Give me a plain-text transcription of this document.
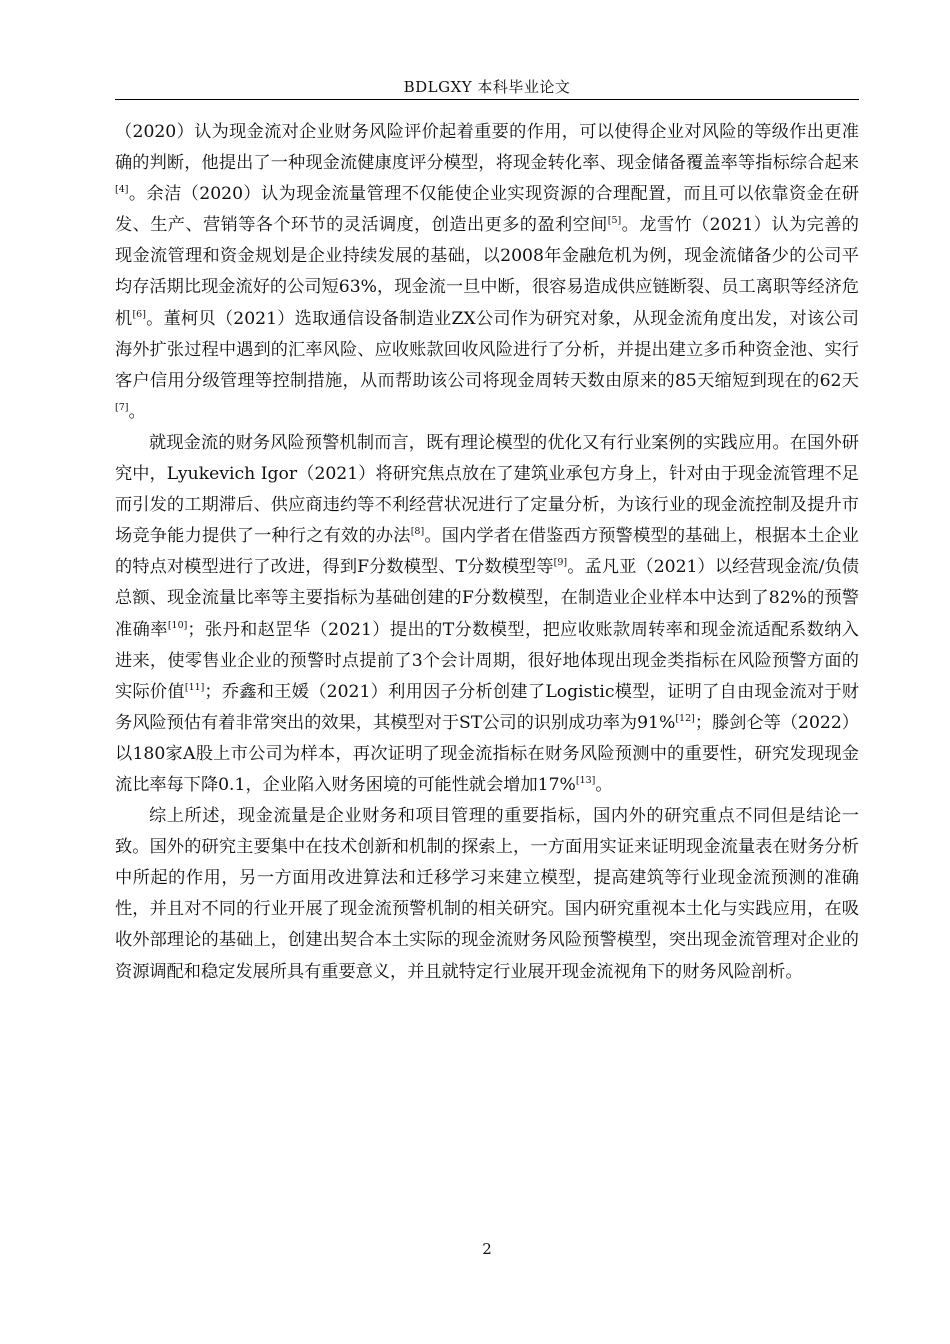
BDLGXY 本科毕业论文

（2020）认为现金流对企业财务风险评价起着重要的作用，可以使得企业对风险的等级作出更准确的判断，他提出了一种现金流健康度评分模型，将现金转化率、现金储备覆盖率等指标综合起来[4]。余洁（2020）认为现金流量管理不仅能使企业实现资源的合理配置，而且可以依靠资金在研发、生产、营销等各个环节的灵活调度，创造出更多的盈利空间[5]。龙雪竹（2021）认为完善的现金流管理和资金规划是企业持续发展的基础，以2008年金融危机为例，现金流储备少的公司平均存活期比现金流好的公司短63%，现金流一旦中断，很容易造成供应链断裂、员工离职等经济危机[6]。董柯贝（2021）选取通信设备制造业ZX公司作为研究对象，从现金流角度出发，对该公司海外扩张过程中遇到的汇率风险、应收账款回收风险进行了分析，并提出建立多币种资金池、实行客户信用分级管理等控制措施，从而帮助该公司将现金周转天数由原来的85天缩短到现在的62天[7]。

就现金流的财务风险预警机制而言，既有理论模型的优化又有行业案例的实践应用。在国外研究中，Lyukevich Igor（2021）将研究焦点放在了建筑业承包方身上，针对由于现金流管理不足而引发的工期滞后、供应商违约等不利经营状况进行了定量分析，为该行业的现金流控制及提升市场竞争能力提供了一种行之有效的办法[8]。国内学者在借鉴西方预警模型的基础上，根据本土企业的特点对模型进行了改进，得到F分数模型、T分数模型等[9]。孟凡亚（2021）以经营现金流/负债总额、现金流量比率等主要指标为基础创建的F分数模型，在制造业企业样本中达到了82%的预警准确率[10]；张丹和赵罡华（2021）提出的T分数模型，把应收账款周转率和现金流适配系数纳入进来，使零售业企业的预警时点提前了3个会计周期，很好地体现出现金类指标在风险预警方面的实际价值[11]；乔鑫和王媛（2021）利用因子分析创建了Logistic模型，证明了自由现金流对于财务风险预估有着非常突出的效果，其模型对于ST公司的识别成功率为91%[12]；滕剑仑等（2022）以180家A股上市公司为样本，再次证明了现金流指标在财务风险预测中的重要性，研究发现现金流比率每下降0.1，企业陷入财务困境的可能性就会增加17%[13]。

综上所述，现金流量是企业财务和项目管理的重要指标，国内外的研究重点不同但是结论一致。国外的研究主要集中在技术创新和机制的探索上，一方面用实证来证明现金流量表在财务分析中所起的作用，另一方面用改进算法和迁移学习来建立模型，提高建筑等行业现金流预测的准确性，并且对不同的行业开展了现金流预警机制的相关研究。国内研究重视本土化与实践应用，在吸收外部理论的基础上，创建出契合本土实际的现金流财务风险预警模型，突出现金流管理对企业的资源调配和稳定发展所具有重要意义，并且就特定行业展开现金流视角下的财务风险剖析。

2
